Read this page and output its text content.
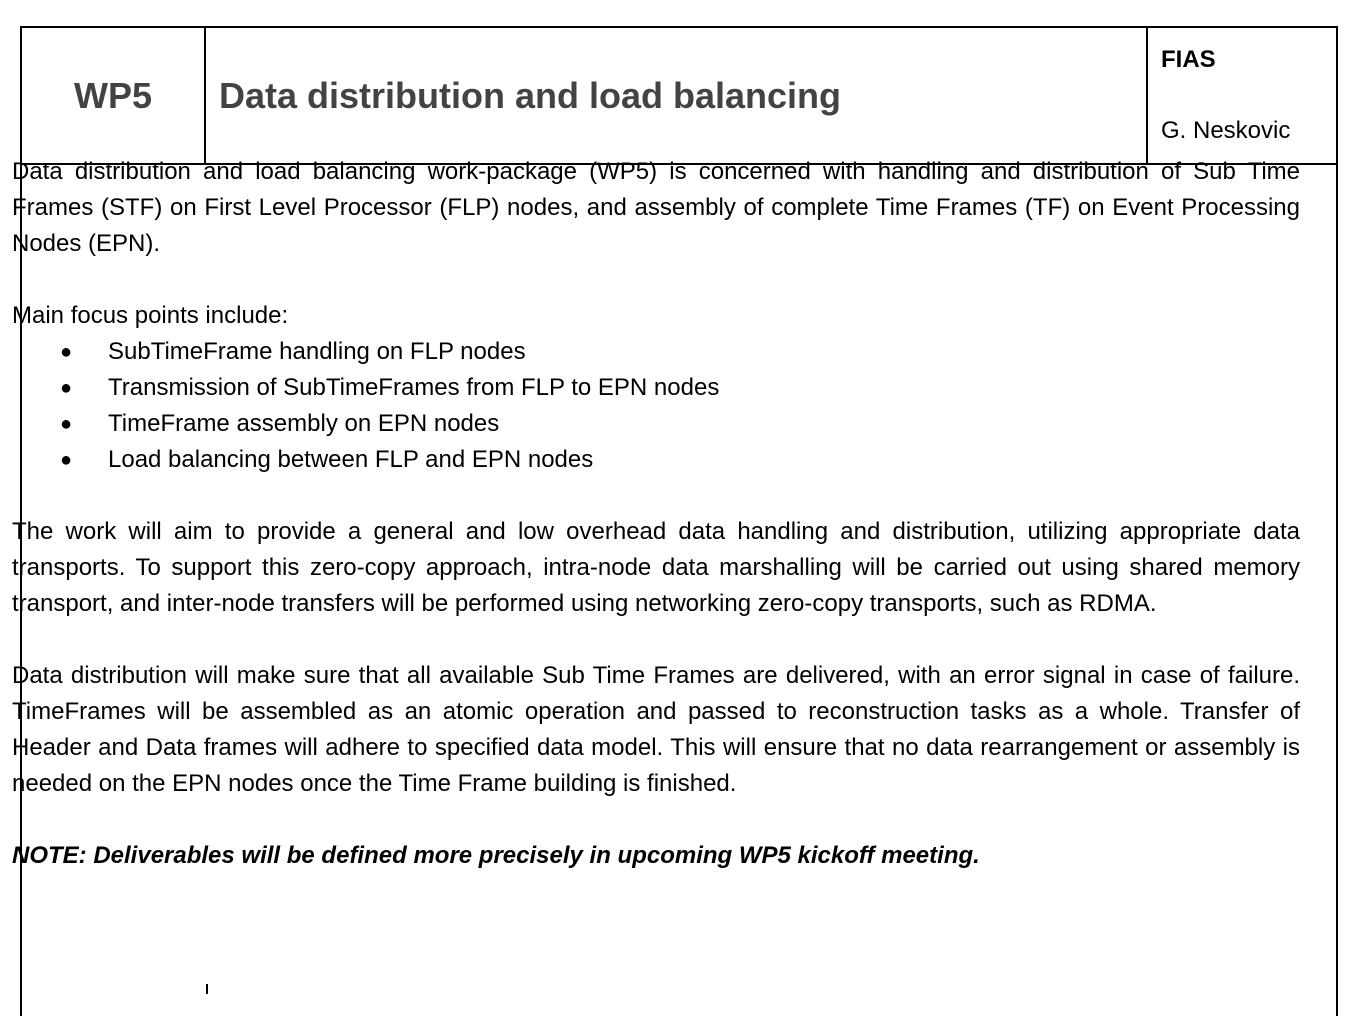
WP5 Data distribution and load balancing
FIAS
G. Neskovic

Data distribution and load balancing work-package (WP5) is concerned with handling and distribution of Sub Time Frames (STF) on First Level Processor (FLP) nodes, and assembly of complete Time Frames (TF) on Event Processing Nodes (EPN).

Main focus points include:

● SubTimeFrame handling on FLP nodes
● Transmission of SubTimeFrames from FLP to EPN nodes
● TimeFrame assembly on EPN nodes
● Load balancing between FLP and EPN nodes

The work will aim to provide a general and low overhead data handling and distribution, utilizing appropriate data transports. To support this zero-copy approach, intra-node data marshalling will be carried out using shared memory transport, and inter-node transfers will be performed using networking zero-copy transports, such as RDMA.

Data distribution will make sure that all available Sub Time Frames are delivered, with an error signal in case of failure. TimeFrames will be assembled as an atomic operation and passed to reconstruction tasks as a whole. Transfer of Header and Data frames will adhere to specified data model. This will ensure that no data rearrangement or assembly is needed on the EPN nodes once the Time Frame building is finished.

NOTE: Deliverables will be defined more precisely in upcoming WP5 kickoff meeting.
